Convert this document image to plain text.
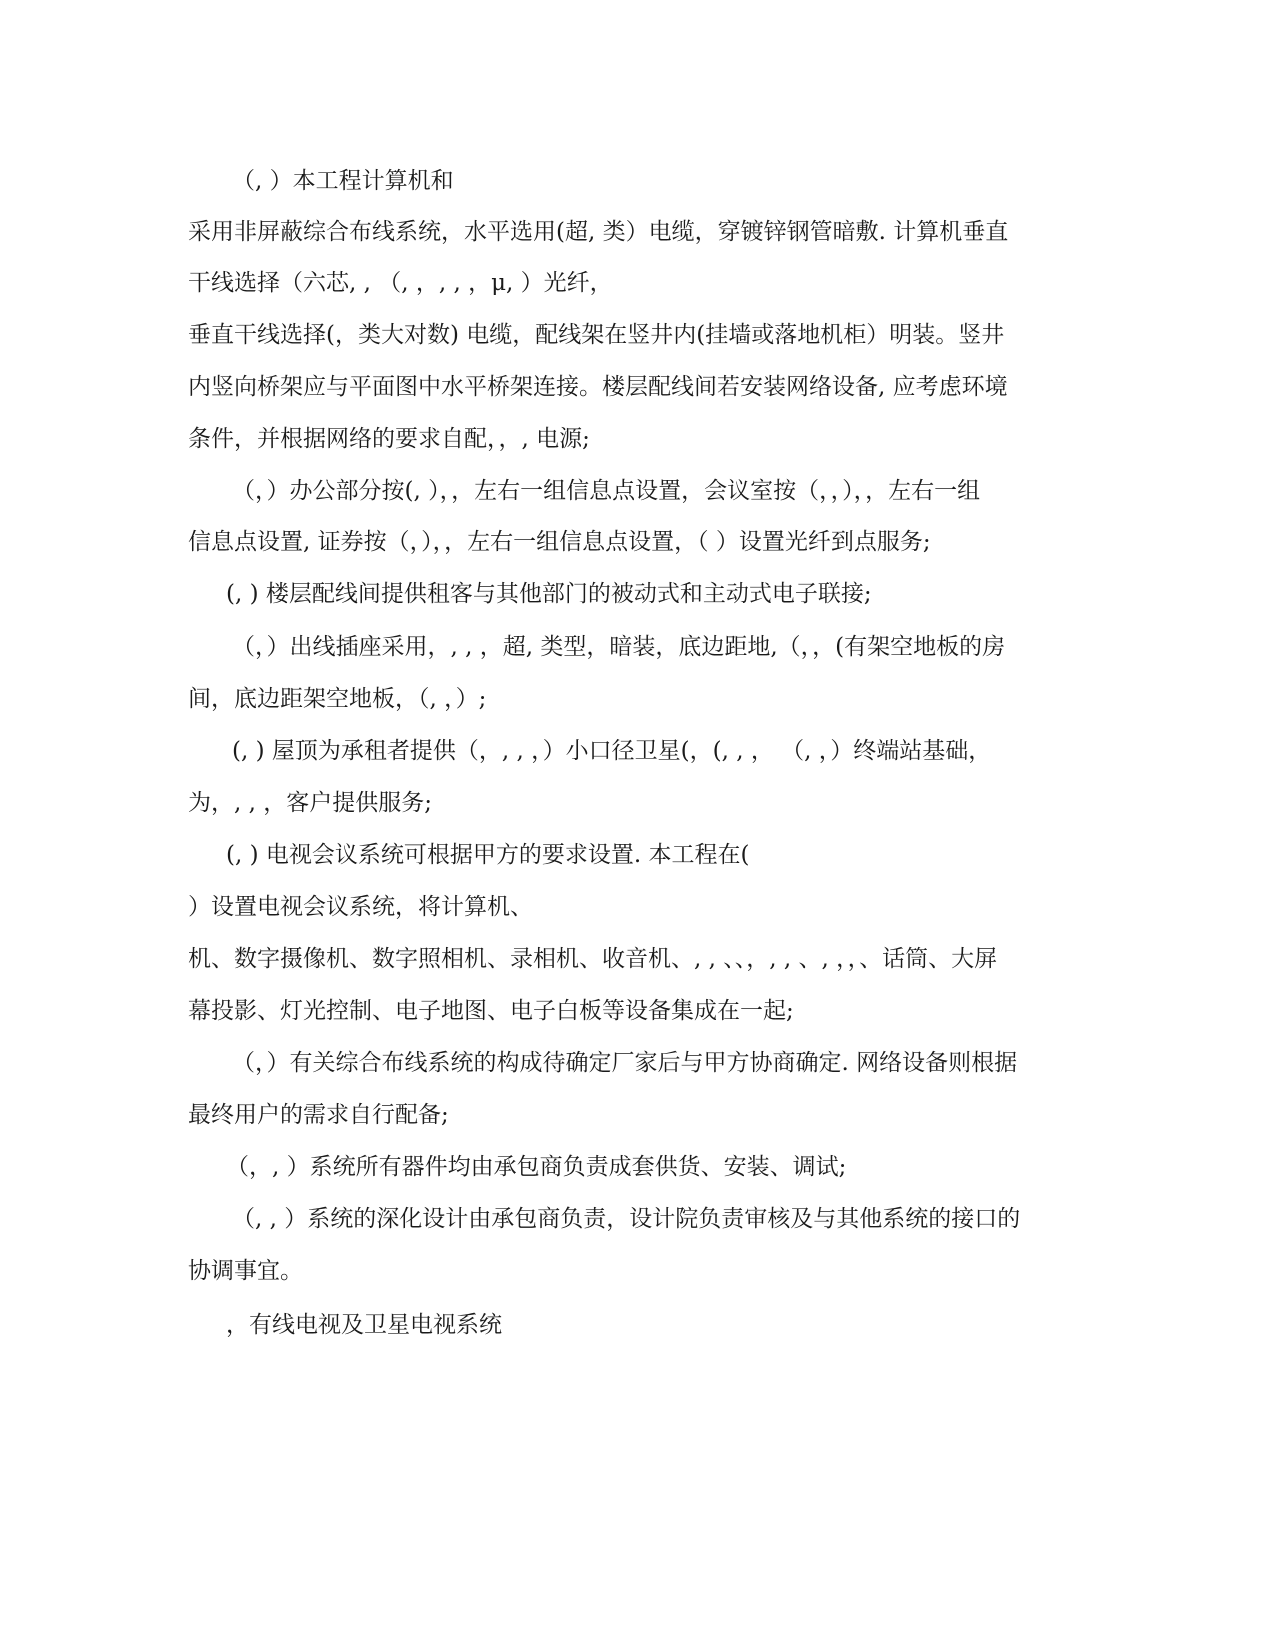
（, ）本工程计算机和
采用非屏蔽综合布线系统，水平选用(超, 类）电缆，穿镀锌钢管暗敷. 计算机垂直
干线选择（六芯, , （, ，, , ，μ, ）光纤，
垂直干线选择(，类大对数) 电缆，配线架在竖井内(挂墙或落地机柜）明装。竖井
内竖向桥架应与平面图中水平桥架连接。楼层配线间若安装网络设备, 应考虑环境
条件，并根据网络的要求自配，，, 电源;
（，）办公部分按(, ），，左右一组信息点设置，会议室按（，，），，左右一组
信息点设置, 证券按（，），，左右一组信息点设置，（ ）设置光纤到点服务;
(, ) 楼层配线间提供租客与其他部门的被动式和主动式电子联接;
（，）出线插座采用，, , ，超, 类型，暗装，底边距地,（，，(有架空地板的房
间，底边距架空地板，（, ，）;
(, ) 屋顶为承租者提供（，, , ，）小口径卫星(，(, , ， （, ，）终端站基础，
为，, , ，客户提供服务;
(, ) 电视会议系统可根据甲方的要求设置. 本工程在(
）设置电视会议系统，将计算机、
机、数字摄像机、数字照相机、录相机、收音机、, , 、、，, , 、, ，，、话筒、大屏
幕投影、灯光控制、电子地图、电子白板等设备集成在一起;
（，）有关综合布线系统的构成待确定厂家后与甲方协商确定. 网络设备则根据
最终用户的需求自行配备;
（，, ）系统所有器件均由承包商负责成套供货、安装、调试;
（, , ）系统的深化设计由承包商负责，设计院负责审核及与其他系统的接口的
协调事宜。
，有线电视及卫星电视系统
